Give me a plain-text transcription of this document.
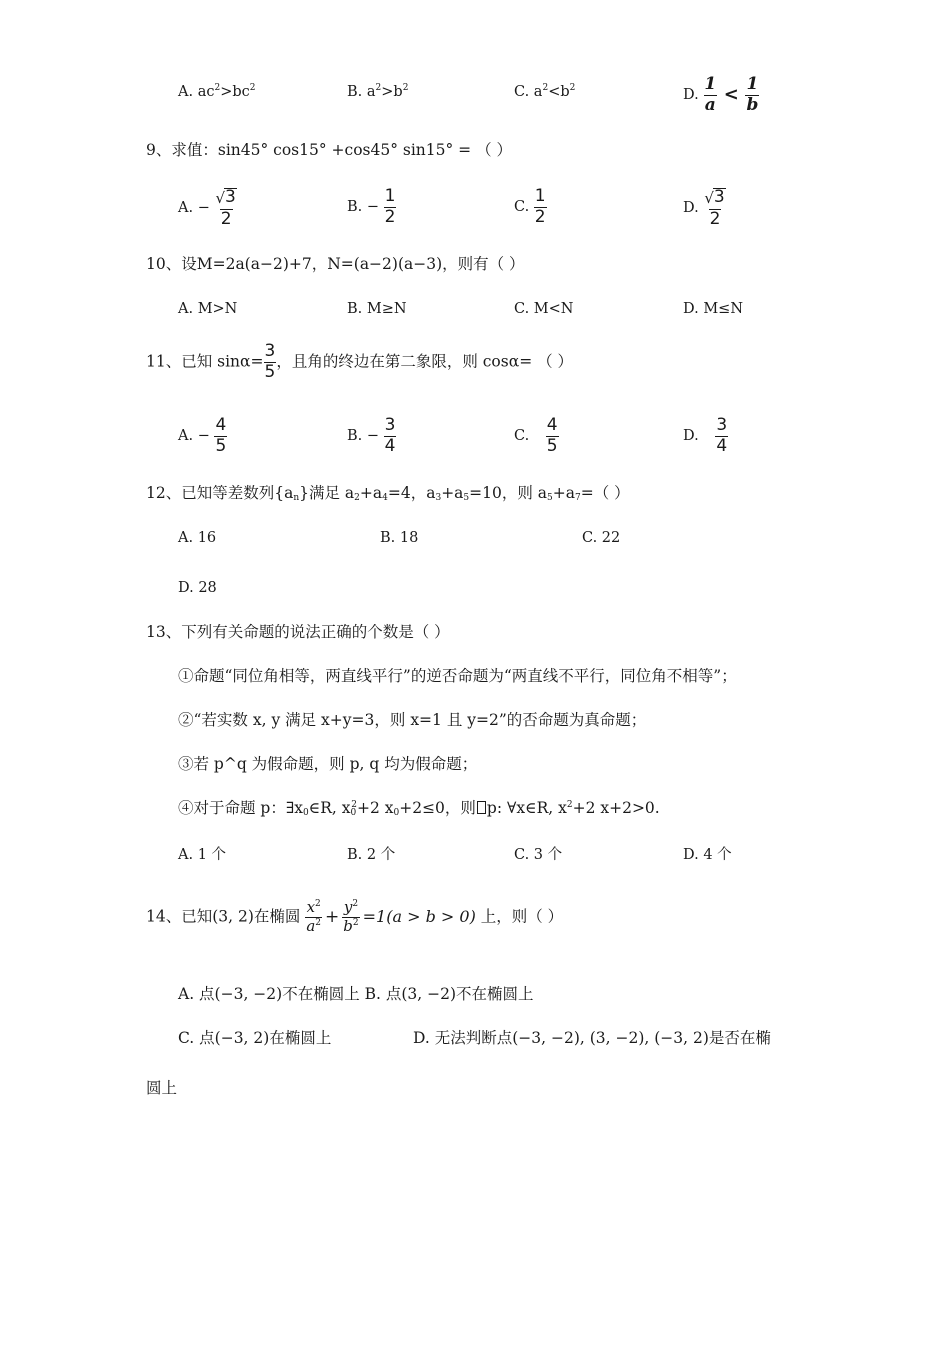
A. $ac^2>bc^2$	B. $a^2>b^2$	C. $a^2<b^2$	D. $\frac{1}{a} < \frac{1}{b}$
9、求值：sin45° cos15° +cos45° sin15° = （ ）
A. − $\frac{√ 3}{2}$	B. − $\frac{1}{2}$	C. $\frac{1}{2}$	D. $\frac{√ 3}{2}$
10、设M=2a(a−2)+7，N=(a−2)(a−3)，则有（ ）
A. M>N	B. M≥N	C. M<N	D. M≤N
11、已知 $\sin\alpha= \frac{3}{5}$ ，且角的终边在第二象限，则 cosα= （ ）
A. − $\frac{4}{5}$	B. − $\frac{3}{4}$	C. $\frac{4}{5}$	D. $\frac{3}{4}$
12、已知等差数列$\{a_n\}$满足 $a_2+a_4=4$，$a_3+a_5=10$，则 $a_5+a_7=$（ ）
A. 16	B. 18	C. 22
D. 28
13、下列有关命题的说法正确的个数是（ ）
①命题“同位角相等，两直线平行”的逆否命题为“两直线不平行，同位角不相等”；
②“若实数 x, y 满足 x+y=3，则 x=1 且 y=2”的否命题为真命题；
③若 p^q 为假命题，则 p, q 均为假命题；
④对于命题 p：$\exists x_0\in R$, $x_0^2+2$ $x_0+2\le 0$，则 p: ∀x∈R, $x^2+2$ x+2>0.
A. 1 个	B. 2 个	C. 3 个	D. 4 个
14、已知(3, 2)在椭圆 $\frac{x^2}{a^2} + \frac{y^2}{b^2} =1(a > b > 0)$ 上，则（ ）
A. 点(−3, −2)不在椭圆上 B. 点(3, −2)不在椭圆上
C. 点(−3, 2)在椭圆上	D. 无法判断点(−3, −2), (3, −2), (−3, 2)是否在椭
圆上
